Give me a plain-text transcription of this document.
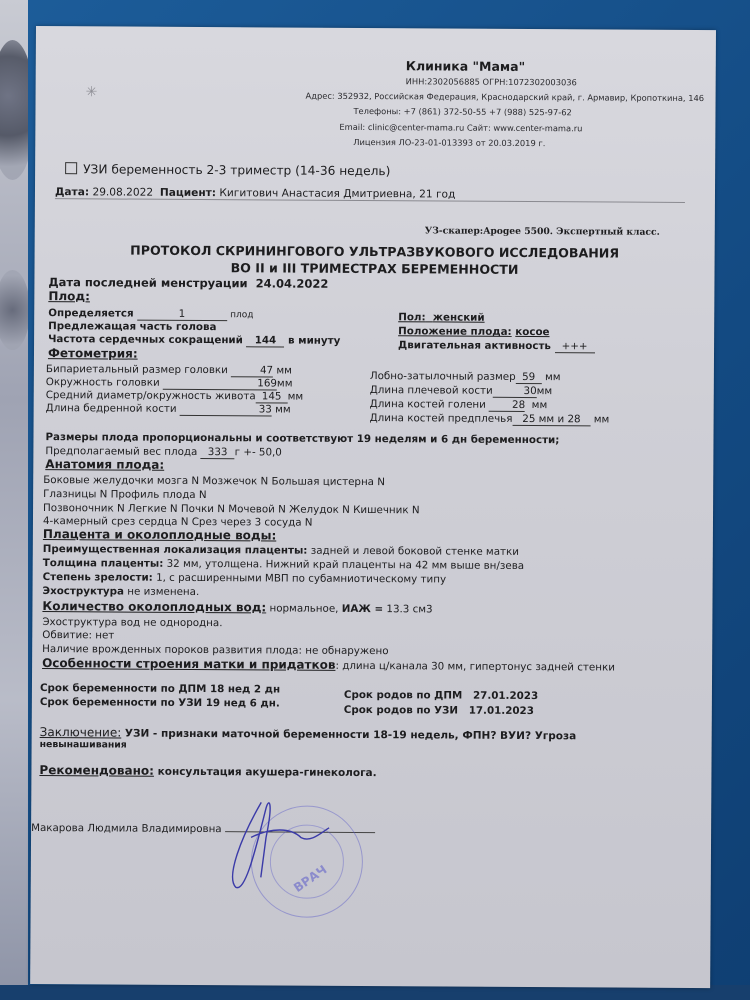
✳
Клиника "Мама"
ИНН:2302056885 ОГРН:1072302003036
Адрес: 352932, Российская Федерация, Краснодарский край, г. Армавир, Кропоткина, 146
Телефоны: +7 (861) 372-50-55 +7 (988) 525-97-62
Email: clinic@center-mama.ru Сайт: www.center-mama.ru
Лицензия ЛО-23-01-013393 от 20.03.2019 г.
УЗИ беременность 2-3 триместр (14-36 недель)
Дата: 29.08.2022 Пациент: Кигитович Анастасия Дмитриевна, 21 год
УЗ-скапер:Apogee 5500. Экспертный класс.
ПРОТОКОЛ СКРИНИНГОВОГО УЛЬТРАЗВУКОВОГО ИССЛЕДОВАНИЯ
ВО II и III ТРИМЕСТРАХ БЕРЕМЕННОСТИ
Дата последней менструации 24.04.2022
Плод:
Определяется	1	плод
Предлежащая часть голова
Частота сердечных сокращений 144 в минуту
Пол: женский
Положение плода: косое
Двигательная активность +++
Фетометрия:
Бипариетальный размер головки	47 мм
Окружность головки	169мм
Средний диаметр/окружность живота 145 мм
Длина бедренной кости	33 мм
Лобно-затылочный размер 59 мм
Длина плечевой кости	30мм
Длина костей голени	28 мм
Длина костей предплечья 25 мм и 28 мм
Размеры плода пропорциональны и соответствуют 19 неделям и 6 дн беременности;
Предполагаемый вес плода 333 г +- 50,0
Анатомия плода:
Боковые желудочки мозга N Мозжечок N Большая цистерна N
Глазницы N Профиль плода N
Позвоночник N Легкие N Почки N Мочевой N Желудок N Кишечник N
4-камерный срез сердца N Срез через 3 сосуда N
Плацента и околоплодные воды:
Преимущественная локализация плаценты: задней и левой боковой стенке матки
Толщина плаценты: 32 мм, утолщена. Нижний край плаценты на 42 мм выше вн/зева
Степень зрелости: 1, с расширенными МВП по субамниотическому типу
Эхоструктура не изменена.
Количество околоплодных вод: нормальное, ИАЖ = 13.3 см3
Эхоструктура вод не однородна.
Обвитие: нет
Наличие врожденных пороков развития плода: не обнаружено
Особенности строения матки и придатков: длина ц/канала 30 мм, гипертонус задней стенки
Срок беременности по ДПМ 18 нед 2 дн
Срок беременности по УЗИ 19 нед 6 дн.
Срок родов по ДПМ 27.01.2023
Срок родов по УЗИ 17.01.2023
Заключение: УЗИ - признаки маточной беременности 18-19 недель, ФПН? ВУИ? Угроза
невынашивания
Рекомендовано: консультация акушера-гинеколога.
Макарова Людмила Владимировна
ВРАЧ
